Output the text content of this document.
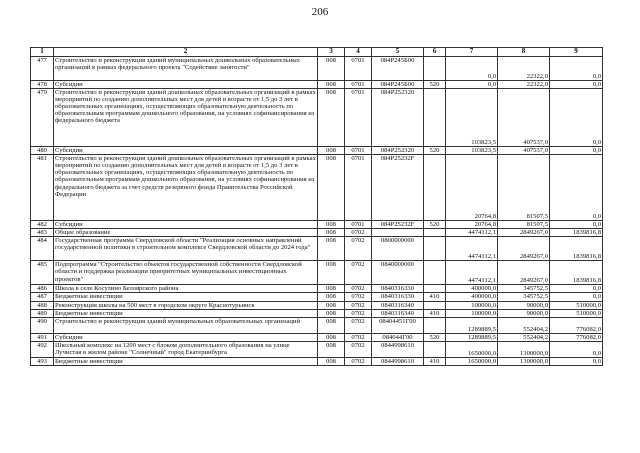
206
1	2	3	4	5	6	7	8	9
477	Строительство и реконструкция зданий муниципальных дошкольных образовательных организаций в рамках федерального проекта "Содействие занятости"	008	0701	084P245Б00		0,0	22322,0	0,0
478	Субсидии	008	0701	084P245Б00	520	0,0	22322,0	0,0
479	Строительство и реконструкция зданий дошкольных образовательных организаций в рамках мероприятий по созданию дополнительных мест для детей в возрасте от 1,5 до 3 лет в образовательных организациях, осуществляющих образовательную деятельность по образовательным программам дошкольного образования, на условиях софинансирования из федерального бюджета	008	0701	084P252320		103823,5	407537,0	0,0
480	Субсидии	008	0701	084P252320	520	103823,5	407537,0	0,0
481	Строительство и реконструкция зданий дошкольных образовательных организаций в рамках мероприятий по созданию дополнительных мест для детей в возрасте от 1,5 до 3 лет в образовательных организациях, осуществляющих образовательную деятельность по образовательным программам дошкольного образования, на условиях софинансирования из федерального бюджета за счет средств резервного фонда Правительства Российской Федерации	008	0701	084P25232F		20764,8	81507,5	0,0
482	Субсидии	008	0701	084P25232F	520	20764,8	81507,5	0,0
483	Общее образование	008	0702			4474112,1	2849267,0	1839816,8
484	Государственная программа Свердловской области "Реализация основных направлений государственной политики в строительном комплексе Свердловской области до 2024 года"	008	0702	0800000000		4474112,1	2849267,0	1839816,8
485	Подпрограмма "Строительство объектов государственной собственности Свердловской области и поддержка реализации приоритетных муниципальных инвестиционных проектов"	008	0702	0840000000		4474112,1	2849267,0	1839816,8
486	Школа в селе Косулино Белоярского района	008	0702	0840316330		400000,0	345752,5	0,0
487	Бюджетные инвестиции	008	0702	0840316330	410	400000,0	345752,5	0,0
488	Реконструкция школы на 500 мест в городском округе Краснотурьинск	008	0702	0840316340		100000,0	90000,0	510000,0
489	Бюджетные инвестиции	008	0702	0840316340	410	100000,0	90000,0	510000,0
490	Строительство и реконструкция зданий муниципальных образовательных организаций	008	0702	08404451Г00		1289889,5	552404,2	776082,0
491	Субсидии	008	0702	084044Г00	520	1289889,5	552404,2	776082,0
492	Школьный комплекс на 1200 мест с блоком дополнительного образования на улице Лучистая в жилом районе "Солнечный" город Екатеринбурга	008	0702	0844998610		1650000,0	1300000,0	0,0
493	Бюджетные инвестиции	008	0702	0844998610	410	1650000,0	1300000,0	0,0
